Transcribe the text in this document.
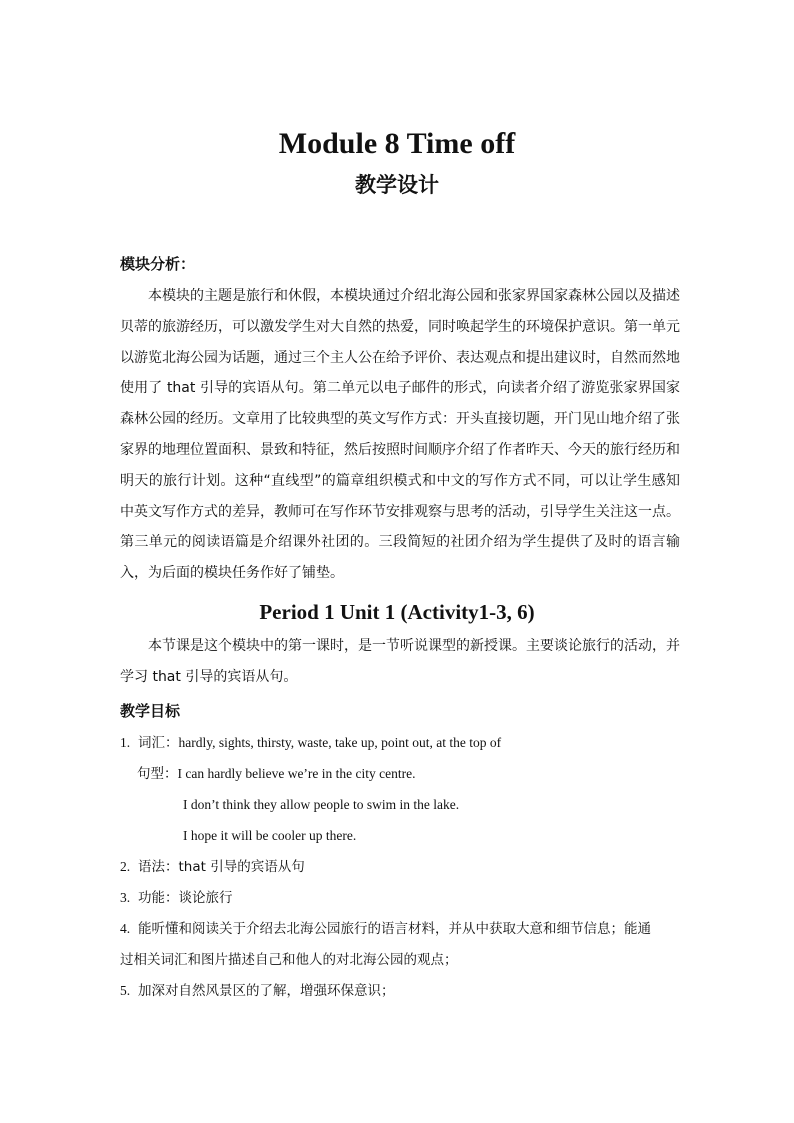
Module 8 Time off
教学设计
模块分析：

本模块的主题是旅行和休假，本模块通过介绍北海公园和张家界国家森林公园以及描述贝蒂的旅游经历，可以激发学生对大自然的热爱，同时唤起学生的环境保护意识。第一单元以游览北海公园为话题，通过三个主人公在给予评价、表达观点和提出建议时，自然而然地使用了 that 引导的宾语从句。第二单元以电子邮件的形式，向读者介绍了游览张家界国家森林公园的经历。文章用了比较典型的英文写作方式：开头直接切题，开门见山地介绍了张家界的地理位置面积、景致和特征，然后按照时间顺序介绍了作者昨天、今天的旅行经历和明天的旅行计划。这种“直线型”的篇章组织模式和中文的写作方式不同，可以让学生感知中英文写作方式的差异，教师可在写作环节安排观察与思考的活动，引导学生关注这一点。第三单元的阅读语篇是介绍课外社团的。三段简短的社团介绍为学生提供了及时的语言输入，为后面的模块任务作好了铺垫。

Period 1 Unit 1 (Activity1-3, 6)

本节课是这个模块中的第一课时，是一节听说课型的新授课。主要谈论旅行的活动，并学习 that 引导的宾语从句。

教学目标
1. 词汇：hardly, sights, thirsty, waste, take up, point out, at the top of
句型：I can hardly believe we’re in the city centre.
I don’t think they allow people to swim in the lake.
I hope it will be cooler up there.
2. 语法：that 引导的宾语从句
3. 功能：谈论旅行
4. 能听懂和阅读关于介绍去北海公园旅行的语言材料，并从中获取大意和细节信息；能通
过相关词汇和图片描述自己和他人的对北海公园的观点；
5. 加深对自然风景区的了解，增强环保意识；
